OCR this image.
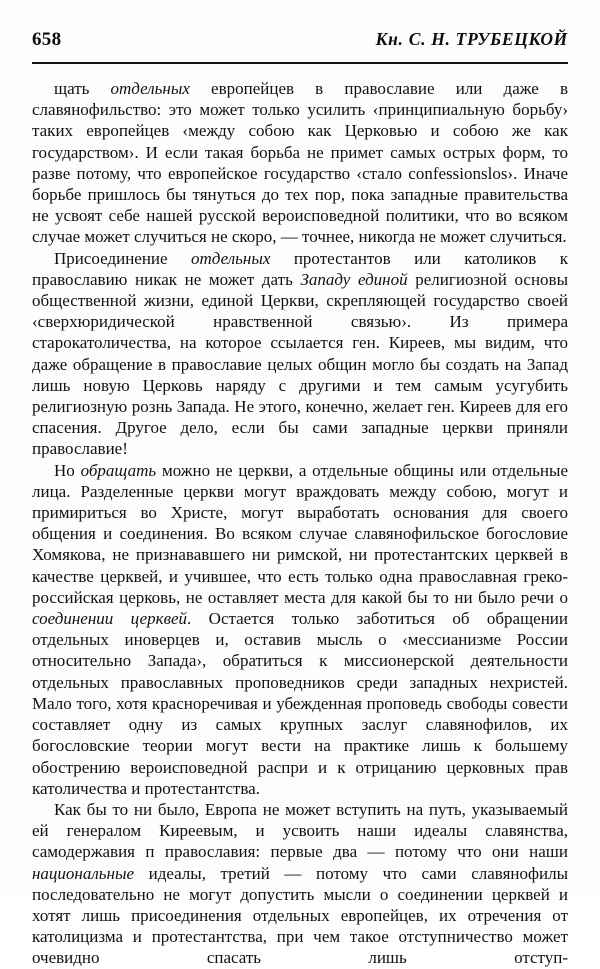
658	Кн. С. Н. ТРУБЕЦКОЙ

щать отдельных европейцев в православие или даже в славянофильство: это может только усилить ‹принципиальную борьбу› таких европейцев ‹между собою как Церковью и собою же как государством›. И если такая борьба не примет самых острых форм, то разве потому, что европейское государство ‹стало confessionslos›. Иначе борьбе пришлось бы тянуться до тех пор, пока западные правительства не усвоят себе нашей русской вероисповедной политики, что во всяком случае может случиться не скоро, — точнее, никогда не может случиться.

Присоединение отдельных протестантов или католиков к православию никак не может дать Западу единой религиозной основы общественной жизни, единой Церкви, скрепляющей государство своей ‹сверхюридической нравственной связью›. Из примера старокатоличества, на которое ссылается ген. Киреев, мы видим, что даже обращение в православие целых общин могло бы создать на Запад лишь новую Церковь наряду с другими и тем самым усугубить религиозную рознь Запада. Не этого, конечно, желает ген. Киреев для его спасения. Другое дело, если бы сами западные церкви приняли православие!

Но обращать можно не церкви, а отдельные общины или отдельные лица. Разделенные церкви могут враждовать между собою, могут и примириться во Христе, могут выработать основания для своего общения и соединения. Во всяком случае славянофильское богословие Хомякова, не признававшего ни римской, ни протестантских церквей в качестве церквей, и учившее, что есть только одна православная греко-российская церковь, не оставляет места для какой бы то ни было речи о соединении церквей. Остается только заботиться об обращении отдельных иноверцев и, оставив мысль о ‹мессианизме России относительно Запада›, обратиться к миссионерской деятельности отдельных православных проповедников среди западных нехристей. Мало того, хотя красноречивая и убежденная проповедь свободы совести составляет одну из самых крупных заслуг славянофилов, их богословские теории могут вести на практике лишь к большему обострению вероисповедной распри и к отрицанию церковных прав католичества и протестантства.

Как бы то ни было, Европа не может вступить на путь, указываемый ей генералом Киреевым, и усвоить наши идеалы славянства, самодержавия п православия: первые два — потому что они наши национальные идеалы, третий — потому что сами славянофилы последовательно не могут допустить мысли о соединении церквей и хотят лишь присоединения отдельных европейцев, их отречения от католицизма и протестантства, при чем такое отступничество может очевидно спасать лишь отступ-
